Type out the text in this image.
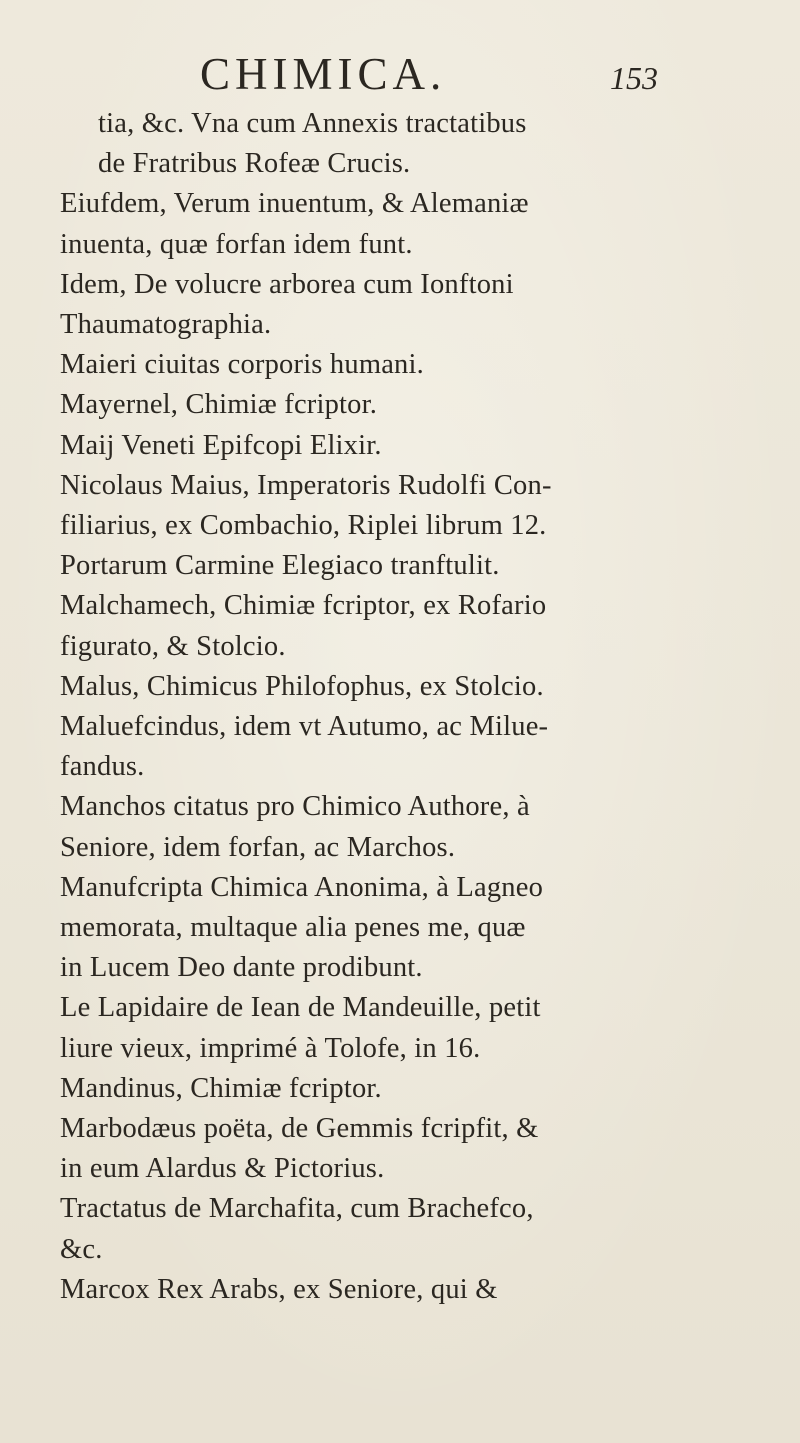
CHIMICA.	153
tia, &c. Vna cum Annexis tractatibus
de Fratribus Rofeæ Crucis.
Eiufdem, Verum inuentum, & Alemaniæ
inuenta, quæ forfan idem funt.
Idem, De volucre arborea cum Ionftoni
Thaumatographia.
Maieri ciuitas corporis humani.
Mayernel, Chimiæ fcriptor.
Maij Veneti Epifcopi Elixir.
Nicolaus Maius, Imperatoris Rudolfi Con-
filiarius, ex Combachio, Riplei librum 12.
Portarum Carmine Elegiaco tranftulit.
Malchamech, Chimiæ fcriptor, ex Rofario
figurato, & Stolcio.
Malus, Chimicus Philofophus, ex Stolcio.
Maluefcindus, idem vt Autumo, ac Milue-
fandus.
Manchos citatus pro Chimico Authore, à
Seniore, idem forfan, ac Marchos.
Manufcripta Chimica Anonima, à Lagneo
memorata, multaque alia penes me, quæ
in Lucem Deo dante prodibunt.
Le Lapidaire de Iean de Mandeuille, petit
liure vieux, imprimé à Tolofe, in 16.
Mandinus, Chimiæ fcriptor.
Marbodæus poëta, de Gemmis fcripfit, &
in eum Alardus & Pictorius.
Tractatus de Marchafita, cum Brachefco,
&c.
Marcox Rex Arabs, ex Seniore, qui &
